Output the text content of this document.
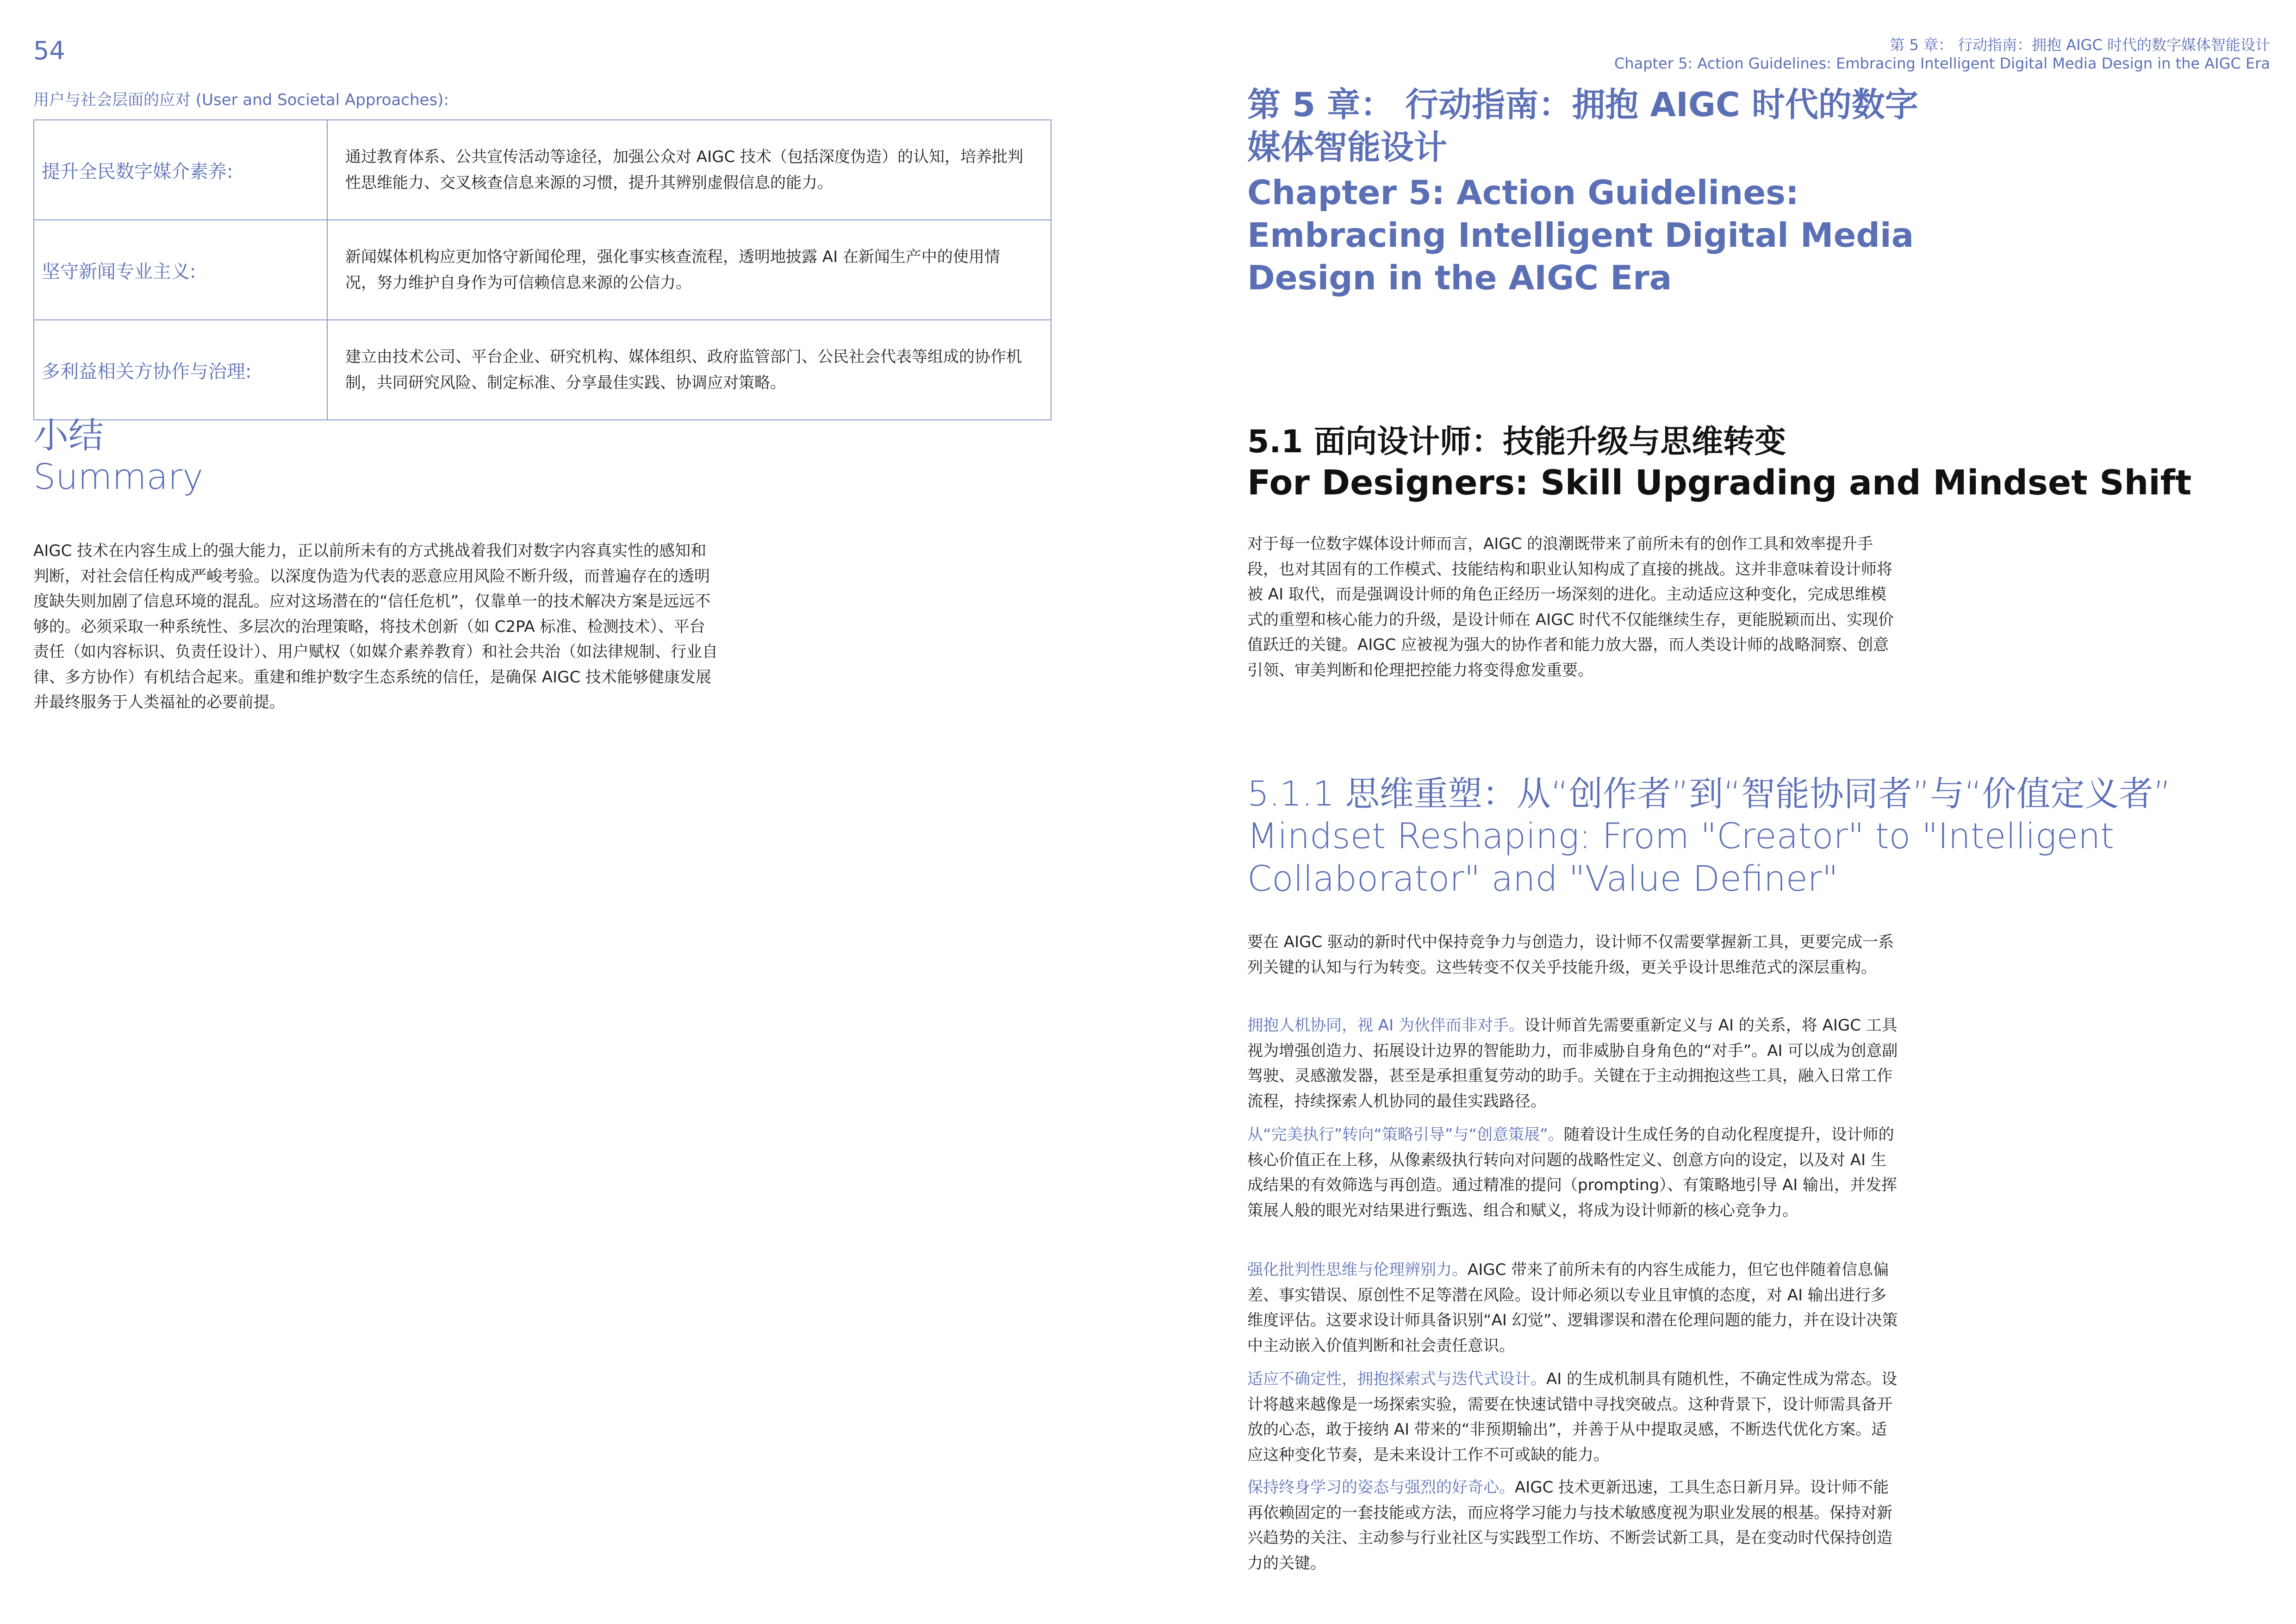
54
用户与社会层面的应对 (User and Societal Approaches):
提升全民数字媒介素养:	通过教育体系、公共宣传活动等途径，加强公众对 AIGC 技术（包括深度伪造）的认知，培养批判性思维能力、交叉核查信息来源的习惯，提升其辨别虚假信息的能力。
坚守新闻专业主义:	新闻媒体机构应更加恪守新闻伦理，强化事实核查流程，透明地披露 AI 在新闻生产中的使用情况，努力维护自身作为可信赖信息来源的公信力。
多利益相关方协作与治理:	建立由技术公司、平台企业、研究机构、媒体组织、政府监管部门、公民社会代表等组成的协作机制，共同研究风险、制定标准、分享最佳实践、协调应对策略。
小结
Summary

AIGC 技术在内容生成上的强大能力，正以前所未有的方式挑战着我们对数字内容真实性的感知和判断，对社会信任构成严峻考验。以深度伪造为代表的恶意应用风险不断升级，而普遍存在的透明度缺失则加剧了信息环境的混乱。应对这场潜在的“信任危机”，仅靠单一的技术解决方案是远远不够的。必须采取一种系统性、多层次的治理策略，将技术创新（如 C2PA 标准、检测技术）、平台责任（如内容标识、负责任设计）、用户赋权（如媒介素养教育）和社会共治（如法律规制、行业自律、多方协作）有机结合起来。重建和维护数字生态系统的信任，是确保 AIGC 技术能够健康发展并最终服务于人类福祉的必要前提。

第 5 章： 行动指南：拥抱 AIGC 时代的数字媒体智能设计
Chapter 5: Action Guidelines: Embracing Intelligent Digital Media Design in the AIGC Era
第 5 章： 行动指南：拥抱 AIGC 时代的数字媒体智能设计
Chapter 5: Action Guidelines: Embracing Intelligent Digital Media Design in the AIGC Era
5.1 面向设计师：技能升级与思维转变
For Designers: Skill Upgrading and Mindset Shift

对于每一位数字媒体设计师而言，AIGC 的浪潮既带来了前所未有的创作工具和效率提升手段，也对其固有的工作模式、技能结构和职业认知构成了直接的挑战。这并非意味着设计师将被 AI 取代，而是强调设计师的角色正经历一场深刻的进化。主动适应这种变化，完成思维模式的重塑和核心能力的升级，是设计师在 AIGC 时代不仅能继续生存，更能脱颖而出、实现价值跃迁的关键。AIGC 应被视为强大的协作者和能力放大器，而人类设计师的战略洞察、创意引领、审美判断和伦理把控能力将变得愈发重要。

5.1.1 思维重塑：从“创作者”到“智能协同者”与“价值定义者”
Mindset Reshaping: From "Creator" to "Intelligent Collaborator" and "Value Definer"

要在 AIGC 驱动的新时代中保持竞争力与创造力，设计师不仅需要掌握新工具，更要完成一系列关键的认知与行为转变。这些转变不仅关乎技能升级，更关乎设计思维范式的深层重构。

拥抱人机协同，视 AI 为伙伴而非对手。设计师首先需要重新定义与 AI 的关系，将 AIGC 工具视为增强创造力、拓展设计边界的智能助力，而非威胁自身角色的“对手”。AI 可以成为创意副驾驶、灵感激发器，甚至是承担重复劳动的助手。关键在于主动拥抱这些工具，融入日常工作流程，持续探索人机协同的最佳实践路径。

从“完美执行”转向“策略引导”与“创意策展”。随着设计生成任务的自动化程度提升，设计师的核心价值正在上移，从像素级执行转向对问题的战略性定义、创意方向的设定，以及对 AI 生成结果的有效筛选与再创造。通过精准的提问（prompting）、有策略地引导 AI 输出，并发挥策展人般的眼光对结果进行甄选、组合和赋义，将成为设计师新的核心竞争力。

强化批判性思维与伦理辨别力。AIGC 带来了前所未有的内容生成能力，但它也伴随着信息偏差、事实错误、原创性不足等潜在风险。设计师必须以专业且审慎的态度，对 AI 输出进行多维度评估。这要求设计师具备识别“AI 幻觉”、逻辑谬误和潜在伦理问题的能力，并在设计决策中主动嵌入价值判断和社会责任意识。

适应不确定性，拥抱探索式与迭代式设计。AI 的生成机制具有随机性，不确定性成为常态。设计将越来越像是一场探索实验，需要在快速试错中寻找突破点。这种背景下，设计师需具备开放的心态，敢于接纳 AI 带来的“非预期输出”，并善于从中提取灵感，不断迭代优化方案。适应这种变化节奏，是未来设计工作不可或缺的能力。

保持终身学习的姿态与强烈的好奇心。AIGC 技术更新迅速，工具生态日新月异。设计师不能再依赖固定的一套技能或方法，而应将学习能力与技术敏感度视为职业发展的根基。保持对新兴趋势的关注、主动参与行业社区与实践型工作坊、不断尝试新工具，是在变动时代保持创造力的关键。
